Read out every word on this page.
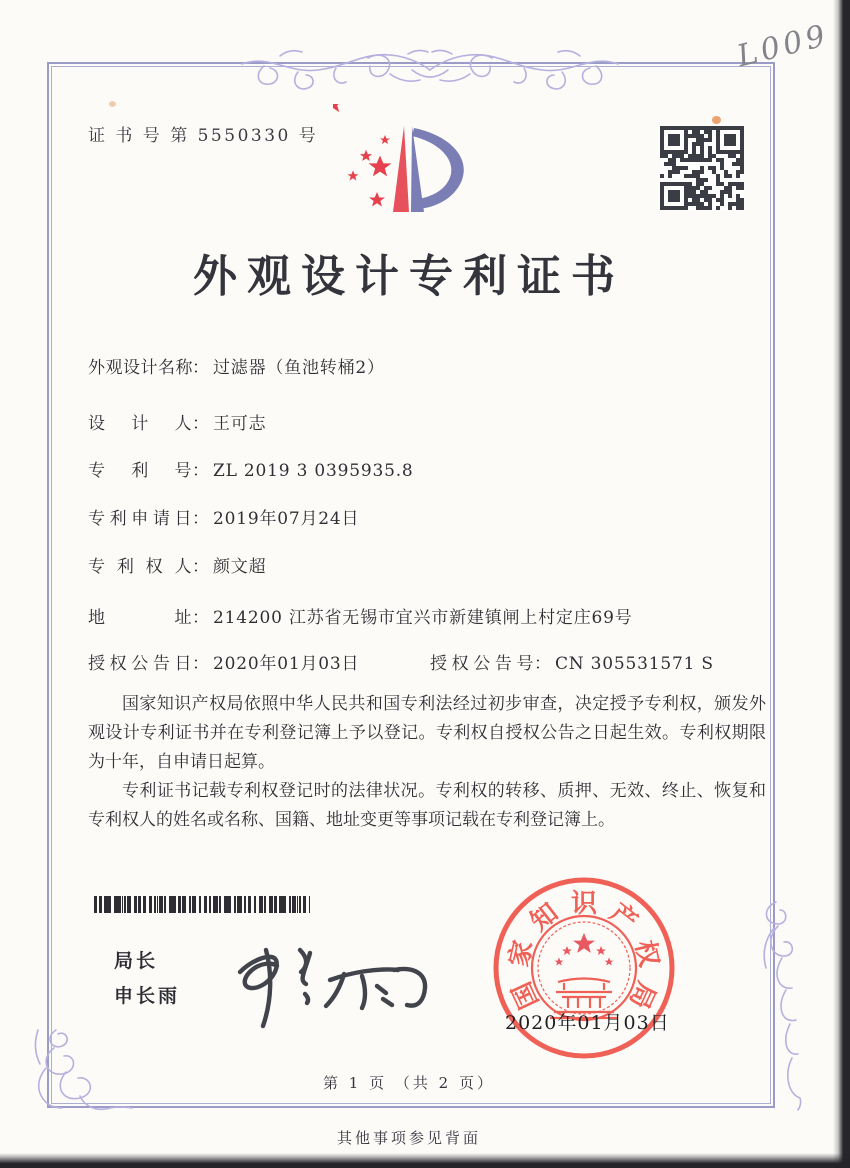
证 书 号 第 5550330 号
L009
外观设计专利证书
外观设计名称： 过滤器（鱼池转桶2）
设计人： 王可志
专利号： ZL 2019 3 0395935.8
专利申请日： 2019年07月24日
专利权人： 颜文超
地址： 214200 江苏省无锡市宜兴市新建镇闸上村定庄69号
授权公告日： 2020年01月03日	授权公告号： CN 305531571 S

国家知识产权局依照中华人民共和国专利法经过初步审查，决定授予专利权，颁发外观设计专利证书并在专利登记簿上予以登记。专利权自授权公告之日起生效。专利权期限为十年，自申请日起算。

专利证书记载专利权登记时的法律状况。专利权的转移、质押、无效、终止、恢复和专利权人的姓名或名称、国籍、地址变更等事项记载在专利登记簿上。

局长
申长雨	国
家
知 识 产
权
局
2020年01月03日
第 1 页 （共 2 页）
其他事项参见背面
